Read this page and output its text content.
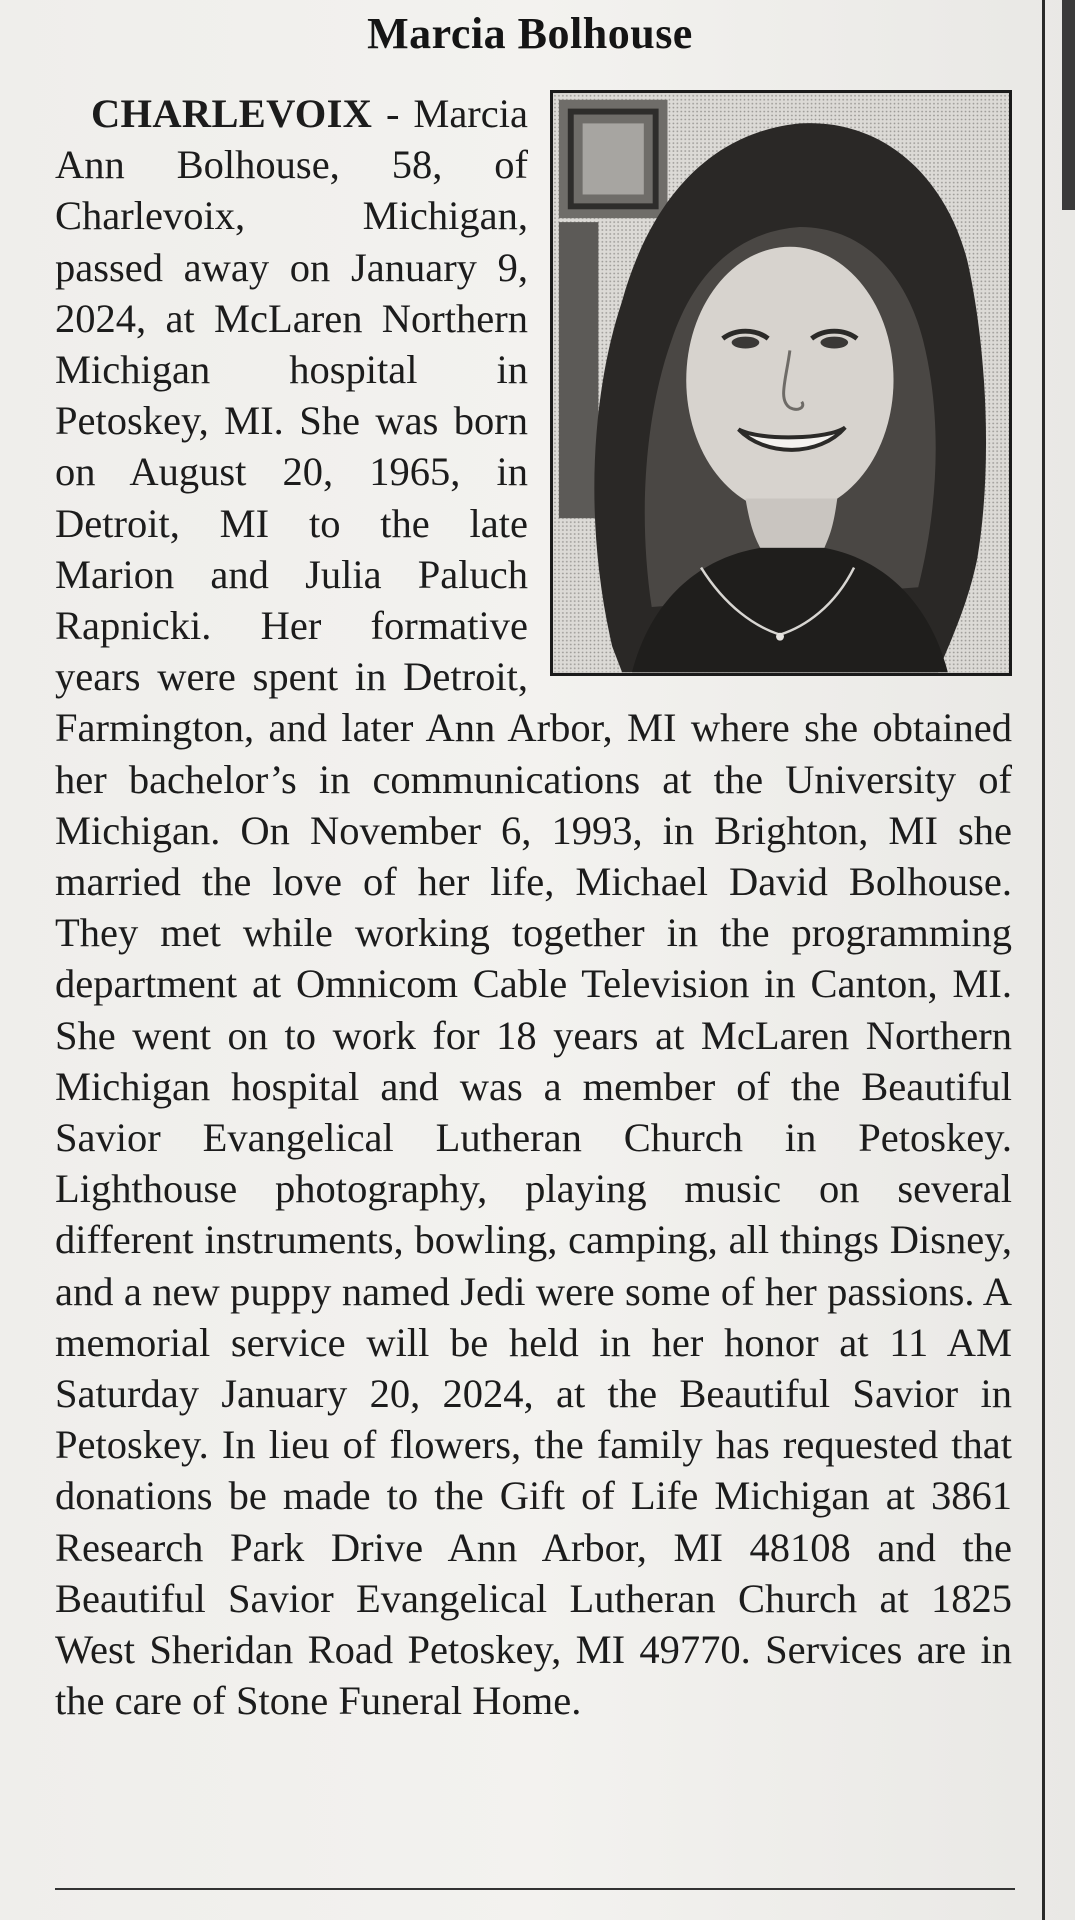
Marcia Bolhouse
CHARLEVOIX - Marcia Ann Bolhouse, 58, of Charlevoix, Michigan, passed away on January 9, 2024, at McLaren Northern Michigan hospital in Petoskey, MI. She was born on August 20, 1965, in Detroit, MI to the late Marion and Julia Paluch Rapnicki. Her formative years were spent in Detroit, Farmington, and later Ann Arbor, MI where she obtained her bachelor’s in communications at the University of Michigan. On November 6, 1993, in Brighton, MI she married the love of her life, Michael David Bolhouse. They met while working together in the programming department at Omnicom Cable Television in Canton, MI. She went on to work for 18 years at McLaren Northern Michigan hospital and was a member of the Beautiful Savior Evangelical Lutheran Church in Petoskey. Lighthouse photography, playing music on several different instruments, bowling, camping, all things Disney, and a new puppy named Jedi were some of her passions. A memorial service will be held in her honor at 11 AM Saturday January 20, 2024, at the Beautiful Savior in Petoskey. In lieu of flowers, the family has requested that donations be made to the Gift of Life Michigan at 3861 Research Park Drive Ann Arbor, MI 48108 and the Beautiful Savior Evangelical Lutheran Church at 1825 West Sheridan Road Petoskey, MI 49770. Services are in the care of Stone Funeral Home.
